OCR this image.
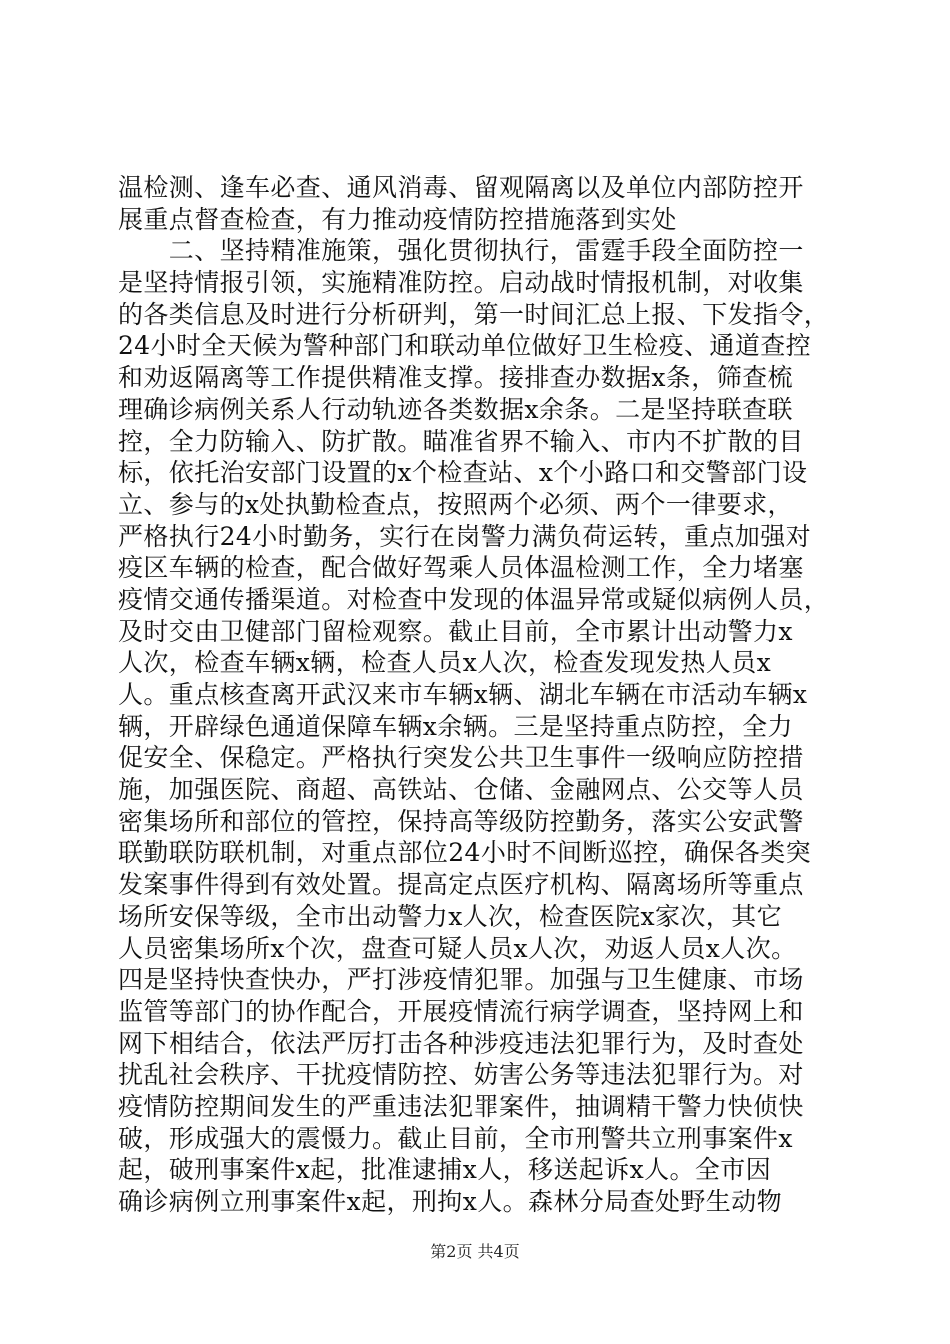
温检测、逢车必查、通风消毒、留观隔离以及单位内部防控开
展重点督查检查，有力推动疫情防控措施落到实处
　　二、坚持精准施策，强化贯彻执行，雷霆手段全面防控一
是坚持情报引领，实施精准防控。启动战时情报机制，对收集
的各类信息及时进行分析研判，第一时间汇总上报、下发指令，
24小时全天候为警种部门和联动单位做好卫生检疫、通道查控
和劝返隔离等工作提供精准支撑。接排查办数据x条，筛查梳
理确诊病例关系人行动轨迹各类数据x余条。二是坚持联查联
控，全力防输入、防扩散。瞄准省界不输入、市内不扩散的目
标，依托治安部门设置的x个检查站、x个小路口和交警部门设
立、参与的x处执勤检查点，按照两个必须、两个一律要求，
严格执行24小时勤务，实行在岗警力满负荷运转，重点加强对
疫区车辆的检查，配合做好驾乘人员体温检测工作，全力堵塞
疫情交通传播渠道。对检查中发现的体温异常或疑似病例人员，
及时交由卫健部门留检观察。截止目前，全市累计出动警力x
人次，检查车辆x辆，检查人员x人次，检查发现发热人员x
人。重点核查离开武汉来市车辆x辆、湖北车辆在市活动车辆x
辆，开辟绿色通道保障车辆x余辆。三是坚持重点防控，全力
促安全、保稳定。严格执行突发公共卫生事件一级响应防控措
施，加强医院、商超、高铁站、仓储、金融网点、公交等人员
密集场所和部位的管控，保持高等级防控勤务，落实公安武警
联勤联防联机制，对重点部位24小时不间断巡控，确保各类突
发案事件得到有效处置。提高定点医疗机构、隔离场所等重点
场所安保等级，全市出动警力x人次，检查医院x家次，其它
人员密集场所x个次，盘查可疑人员x人次，劝返人员x人次。
四是坚持快查快办，严打涉疫情犯罪。加强与卫生健康、市场
监管等部门的协作配合，开展疫情流行病学调查，坚持网上和
网下相结合，依法严厉打击各种涉疫违法犯罪行为，及时查处
扰乱社会秩序、干扰疫情防控、妨害公务等违法犯罪行为。对
疫情防控期间发生的严重违法犯罪案件，抽调精干警力快侦快
破，形成强大的震慑力。截止目前，全市刑警共立刑事案件x
起，破刑事案件x起，批准逮捕x人，移送起诉x人。全市因
确诊病例立刑事案件x起，刑拘x人。森林分局查处野生动物
第2页 共4页
